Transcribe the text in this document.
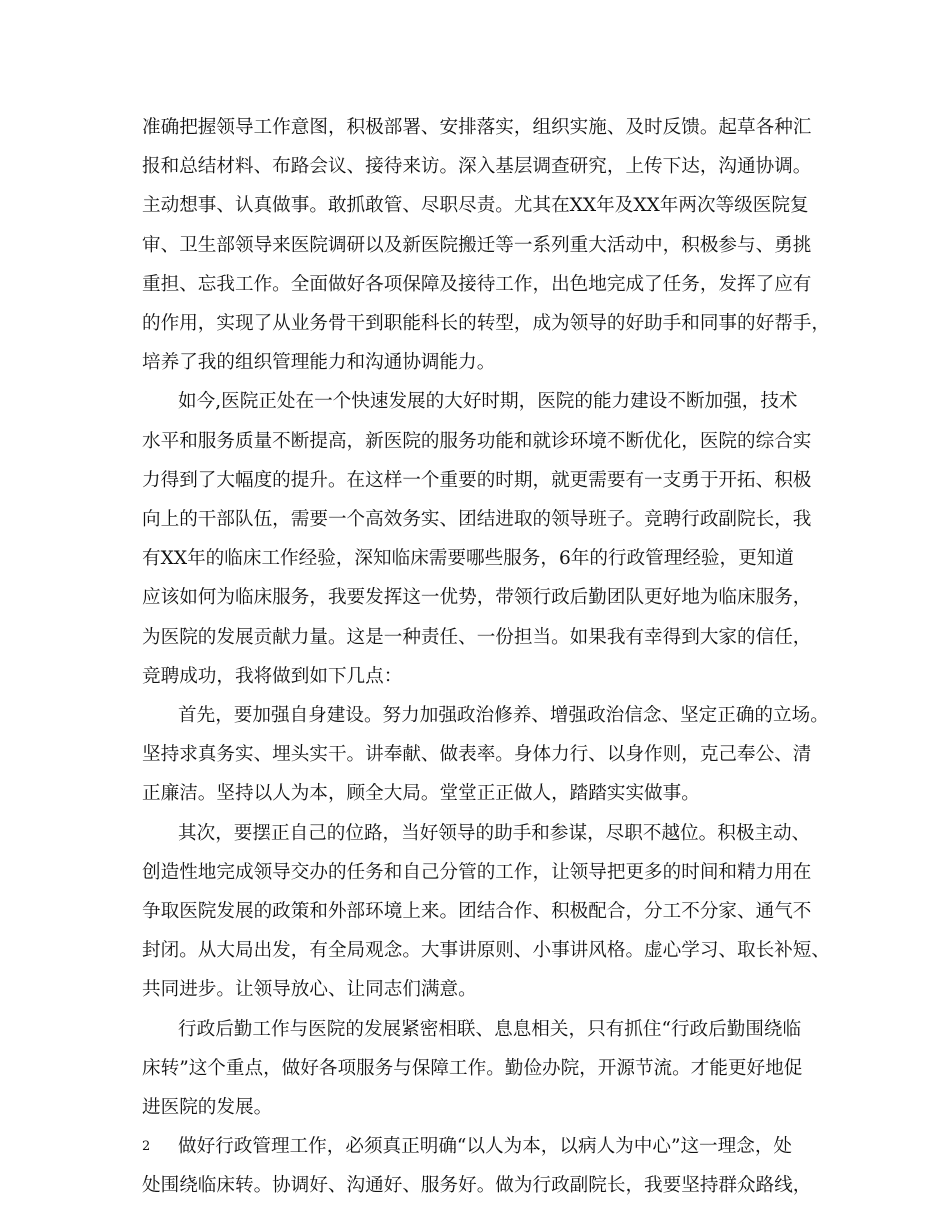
准确把握领导工作意图，积极部署、安排落实，组织实施、及时反馈。起草各种汇
报和总结材料、布路会议、接待来访。深入基层调查研究，上传下达，沟通协调。
主动想事、认真做事。敢抓敢管、尽职尽责。尤其在XX年及XX年两次等级医院复
审、卫生部领导来医院调研以及新医院搬迁等一系列重大活动中，积极参与、勇挑
重担、忘我工作。全面做好各项保障及接待工作，出色地完成了任务，发挥了应有
的作用，实现了从业务骨干到职能科长的转型，成为领导的好助手和同事的好帮手，
培养了我的组织管理能力和沟通协调能力。
如今,医院正处在一个快速发展的大好时期，医院的能力建设不断加强，技术
水平和服务质量不断提高，新医院的服务功能和就诊环境不断优化，医院的综合实
力得到了大幅度的提升。在这样一个重要的时期，就更需要有一支勇于开拓、积极
向上的干部队伍，需要一个高效务实、团结进取的领导班子。竞聘行政副院长，我
有XX年的临床工作经验，深知临床需要哪些服务，6年的行政管理经验，更知道
应该如何为临床服务，我要发挥这一优势，带领行政后勤团队更好地为临床服务，
为医院的发展贡献力量。这是一种责任、一份担当。如果我有幸得到大家的信任，
竞聘成功，我将做到如下几点：
首先，要加强自身建设。努力加强政治修养、增强政治信念、坚定正确的立场。
坚持求真务实、埋头实干。讲奉献、做表率。身体力行、以身作则，克己奉公、清
正廉洁。坚持以人为本，顾全大局。堂堂正正做人，踏踏实实做事。
其次，要摆正自己的位路，当好领导的助手和参谋，尽职不越位。积极主动、
创造性地完成领导交办的任务和自己分管的工作，让领导把更多的时间和精力用在
争取医院发展的政策和外部环境上来。团结合作、积极配合，分工不分家、通气不
封闭。从大局出发，有全局观念。大事讲原则、小事讲风格。虚心学习、取长补短、
共同进步。让领导放心、让同志们满意。
行政后勤工作与医院的发展紧密相联、息息相关，只有抓住“行政后勤围绕临
床转”这个重点，做好各项服务与保障工作。勤俭办院，开源节流。才能更好地促
进医院的发展。
做好行政管理工作，必须真正明确“以人为本，以病人为中心”这一理念，处
处围绕临床转。协调好、沟通好、服务好。做为行政副院长，我要坚持群众路线，
2
